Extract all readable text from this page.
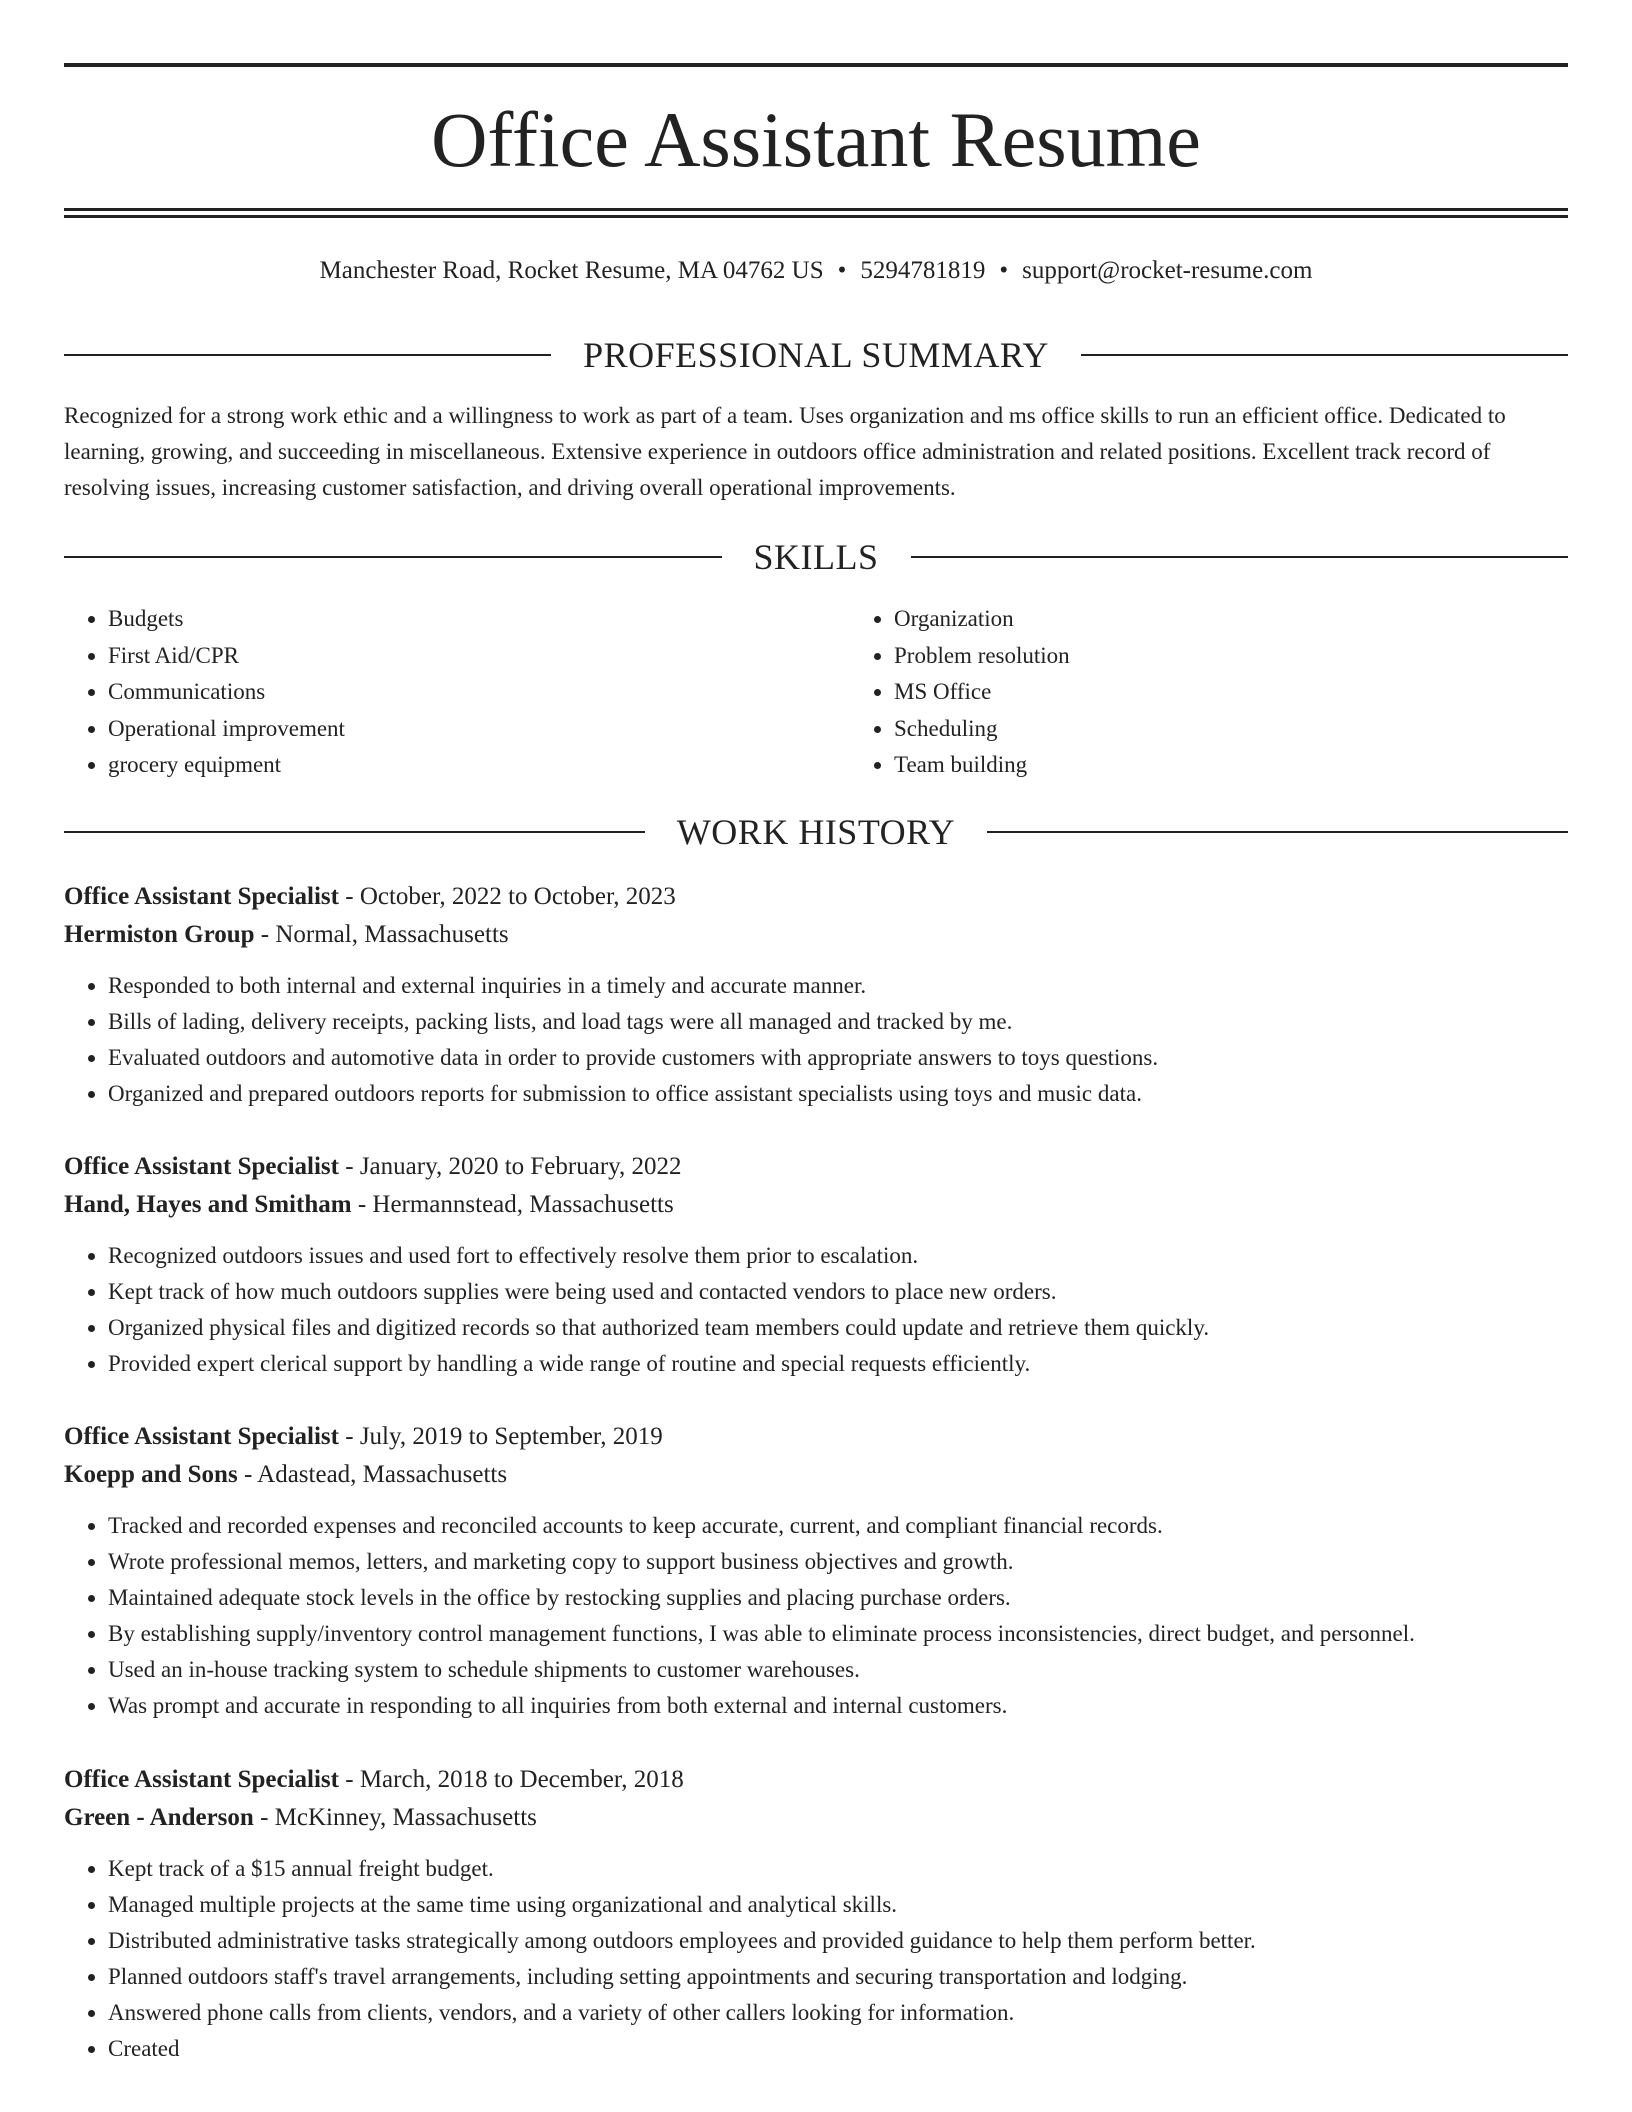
Office Assistant Resume
Manchester Road, Rocket Resume, MA 04762 US • 5294781819 • support@rocket-resume.com
PROFESSIONAL SUMMARY

Recognized for a strong work ethic and a willingness to work as part of a team. Uses organization and ms office skills to run an efficient office. Dedicated to learning, growing, and succeeding in miscellaneous. Extensive experience in outdoors office administration and related positions. Excellent track record of resolving issues, increasing customer satisfaction, and driving overall operational improvements.

SKILLS
• Budgets
• First Aid/CPR
• Communications
• Operational improvement
• grocery equipment
• Organization
• Problem resolution
• MS Office
• Scheduling
• Team building
WORK HISTORY
Office Assistant Specialist - October, 2022 to October, 2023
Hermiston Group - Normal, Massachusetts
• Responded to both internal and external inquiries in a timely and accurate manner.
• Bills of lading, delivery receipts, packing lists, and load tags were all managed and tracked by me.
• Evaluated outdoors and automotive data in order to provide customers with appropriate answers to toys questions.
• Organized and prepared outdoors reports for submission to office assistant specialists using toys and music data.
Office Assistant Specialist - January, 2020 to February, 2022
Hand, Hayes and Smitham - Hermannstead, Massachusetts
• Recognized outdoors issues and used fort to effectively resolve them prior to escalation.
• Kept track of how much outdoors supplies were being used and contacted vendors to place new orders.
• Organized physical files and digitized records so that authorized team members could update and retrieve them quickly.
• Provided expert clerical support by handling a wide range of routine and special requests efficiently.
Office Assistant Specialist - July, 2019 to September, 2019
Koepp and Sons - Adastead, Massachusetts
• Tracked and recorded expenses and reconciled accounts to keep accurate, current, and compliant financial records.
• Wrote professional memos, letters, and marketing copy to support business objectives and growth.
• Maintained adequate stock levels in the office by restocking supplies and placing purchase orders.
• By establishing supply/inventory control management functions, I was able to eliminate process inconsistencies, direct budget, and personnel.
• Used an in-house tracking system to schedule shipments to customer warehouses.
• Was prompt and accurate in responding to all inquiries from both external and internal customers.
Office Assistant Specialist - March, 2018 to December, 2018
Green - Anderson - McKinney, Massachusetts
• Kept track of a $15 annual freight budget.
• Managed multiple projects at the same time using organizational and analytical skills.
• Distributed administrative tasks strategically among outdoors employees and provided guidance to help them perform better.
• Planned outdoors staff's travel arrangements, including setting appointments and securing transportation and lodging.
• Answered phone calls from clients, vendors, and a variety of other callers looking for information.
• Created
